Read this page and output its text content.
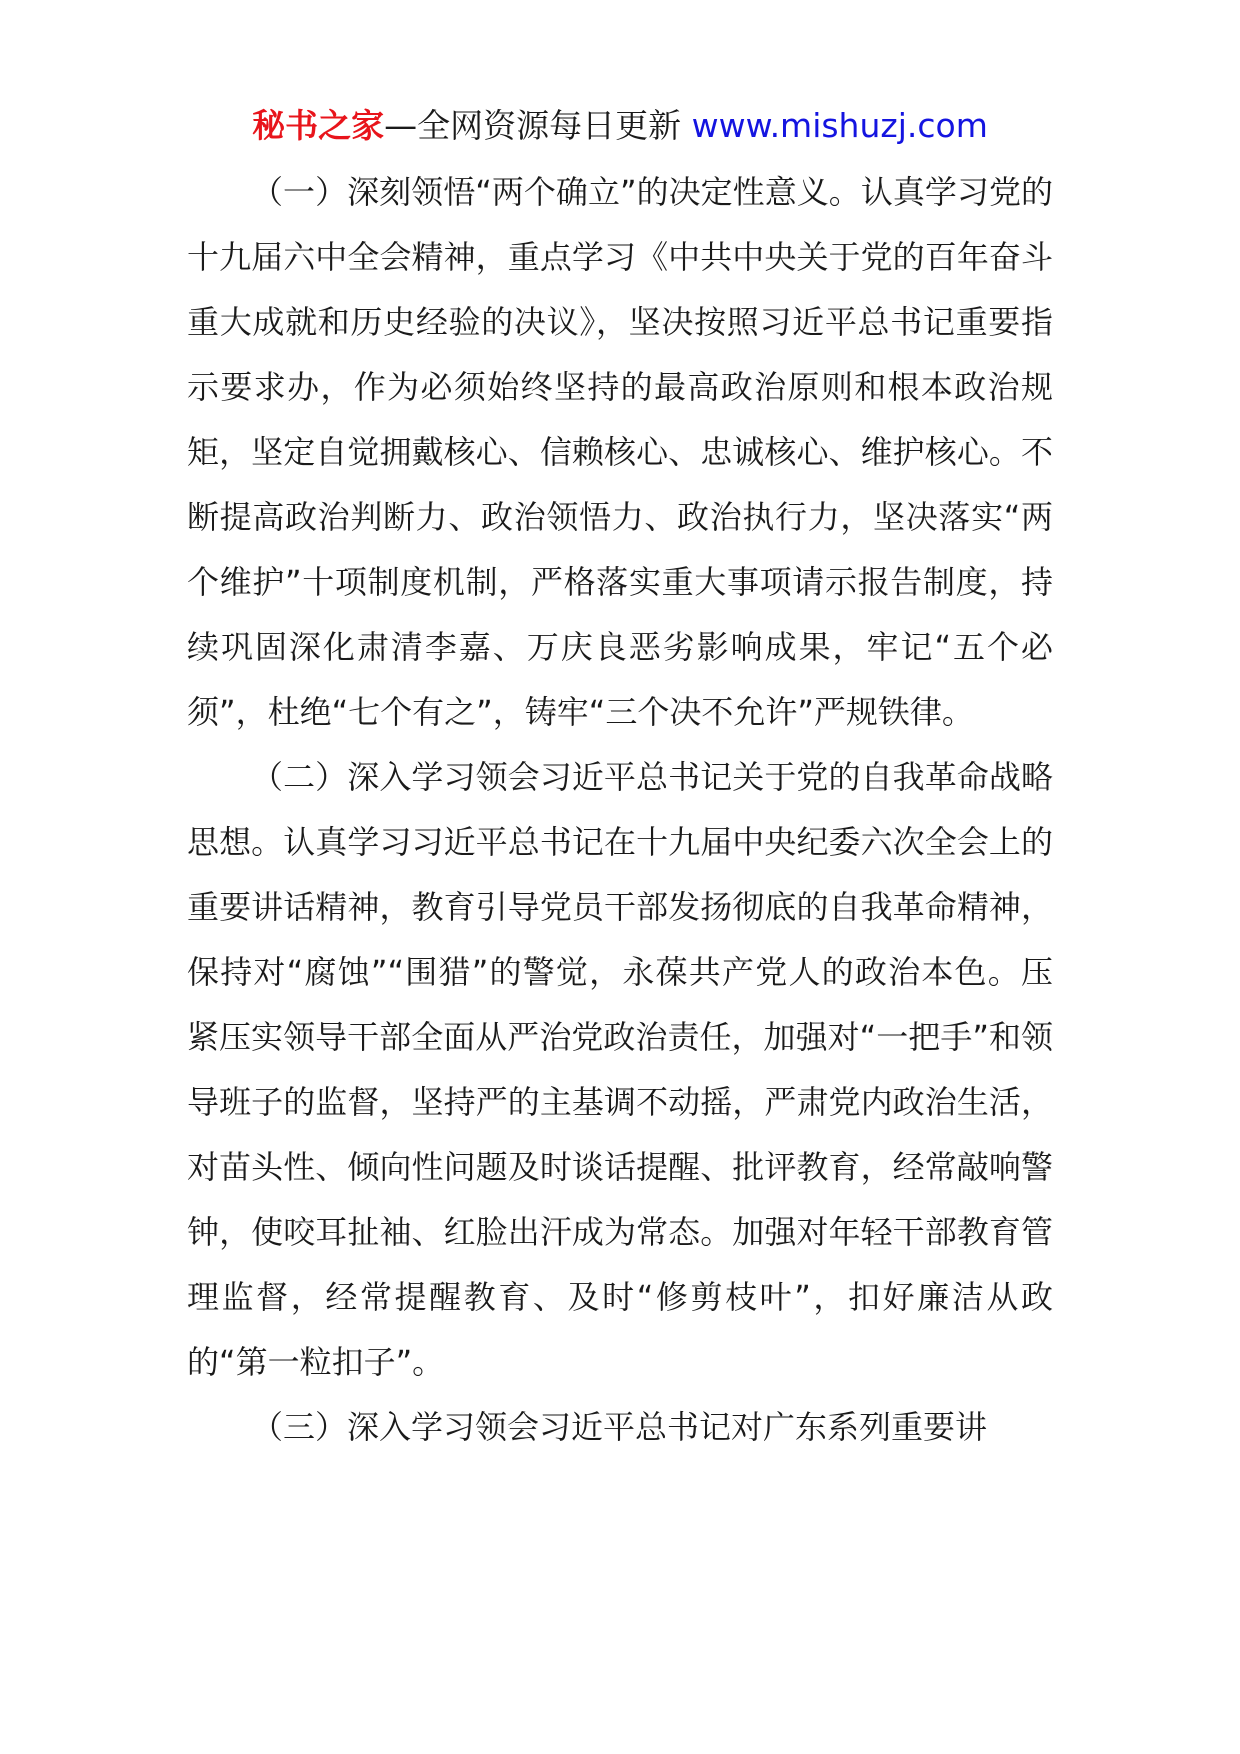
秘书之家—全网资源每日更新 www.mishuzj.com

（一）深刻领悟“两个确立”的决定性意义。认真学习党的十九届六中全会精神，重点学习《中共中央关于党的百年奋斗重大成就和历史经验的决议》，坚决按照习近平总书记重要指示要求办，作为必须始终坚持的最高政治原则和根本政治规矩，坚定自觉拥戴核心、信赖核心、忠诚核心、维护核心。不断提高政治判断力、政治领悟力、政治执行力，坚决落实“两个维护”十项制度机制，严格落实重大事项请示报告制度，持续巩固深化肃清李嘉、万庆良恶劣影响成果，牢记“五个必须”，杜绝“七个有之”，铸牢“三个决不允许”严规铁律。

（二）深入学习领会习近平总书记关于党的自我革命战略思想。认真学习习近平总书记在十九届中央纪委六次全会上的重要讲话精神，教育引导党员干部发扬彻底的自我革命精神，保持对“腐蚀”“围猎”的警觉，永葆共产党人的政治本色。压紧压实领导干部全面从严治党政治责任，加强对“一把手”和领导班子的监督，坚持严的主基调不动摇，严肃党内政治生活，对苗头性、倾向性问题及时谈话提醒、批评教育，经常敲响警钟，使咬耳扯袖、红脸出汗成为常态。加强对年轻干部教育管理监督，经常提醒教育、及时“修剪枝叶”，扣好廉洁从政的“第一粒扣子”。

（三）深入学习领会习近平总书记对广东系列重要讲
